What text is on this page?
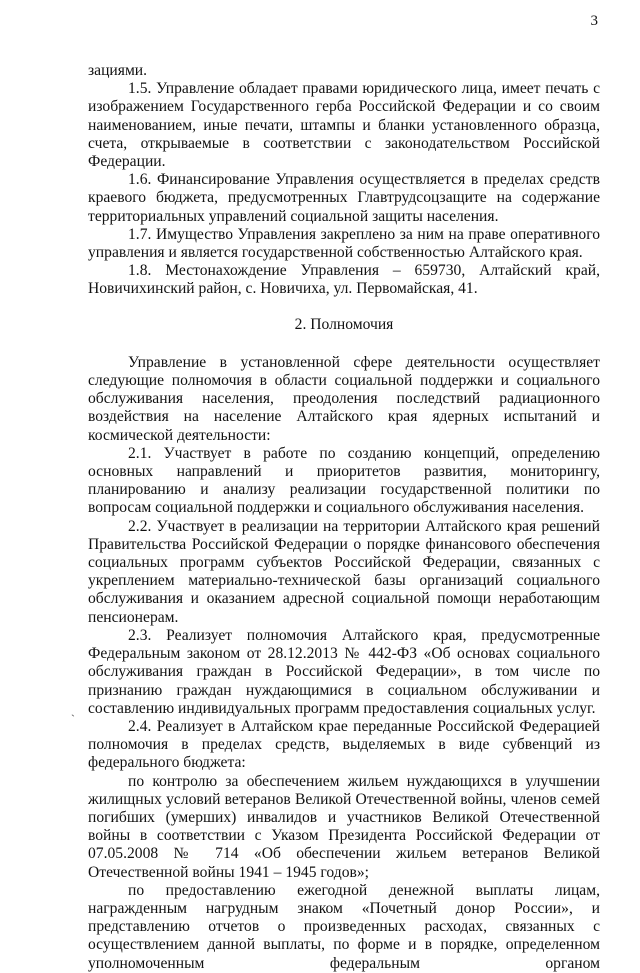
3
`

зациями.

1.5. Управление обладает правами юридического лица, имеет печать с изображением Государственного герба Российской Федерации и со своим наименованием, иные печати, штампы и бланки установленного образца, счета, открываемые в соответствии с законодательством Российской Федерации.

1.6. Финансирование Управления осуществляется в пределах средств краевого бюджета, предусмотренных Главтрудсоцзащите на содержание территориальных управлений социальной защиты населения.

1.7. Имущество Управления закреплено за ним на праве оперативного управления и является государственной собственностью Алтайского края.

1.8. Местонахождение Управления – 659730, Алтайский край, Новичихинский район, с. Новичиха, ул. Первомайская, 41.

2. Полномочия

Управление в установленной сфере деятельности осуществляет следующие полномочия в области социальной поддержки и социального обслуживания населения, преодоления последствий радиационного воздействия на население Алтайского края ядерных испытаний и космической деятельности:

2.1. Участвует в работе по созданию концепций, определению основных направлений и приоритетов развития, мониторингу, планированию и анализу реализации государственной политики по вопросам социальной поддержки и социального обслуживания населения.

2.2. Участвует в реализации на территории Алтайского края решений Правительства Российской Федерации о порядке финансового обеспечения социальных программ субъектов Российской Федерации, связанных с укреплением материально-технической базы организаций социального обслуживания и оказанием адресной социальной помощи неработающим пенсионерам.

2.3. Реализует полномочия Алтайского края, предусмотренные Федеральным законом от 28.12.2013 № 442-ФЗ «Об основах социального обслуживания граждан в Российской Федерации», в том числе по признанию граждан нуждающимися в социальном обслуживании и составлению индивидуальных программ предоставления социальных услуг.

2.4. Реализует в Алтайском крае переданные Российской Федерацией полномочия в пределах средств, выделяемых в виде субвенций из федерального бюджета:

по контролю за обеспечением жильем нуждающихся в улучшении жилищных условий ветеранов Великой Отечественной войны, членов семей погибших (умерших) инвалидов и участников Великой Отечественной войны в соответствии с Указом Президента Российской Федерации от 07.05.2008 № 714 «Об обеспечении жильем ветеранов Великой Отечественной войны 1941 – 1945 годов»;

по предоставлению ежегодной денежной выплаты лицам, награжденным нагрудным знаком «Почетный донор России», и представлению отчетов о произведенных расходах, связанных с осуществлением данной выплаты, по форме и в порядке, определенном уполномоченным федеральным органом
